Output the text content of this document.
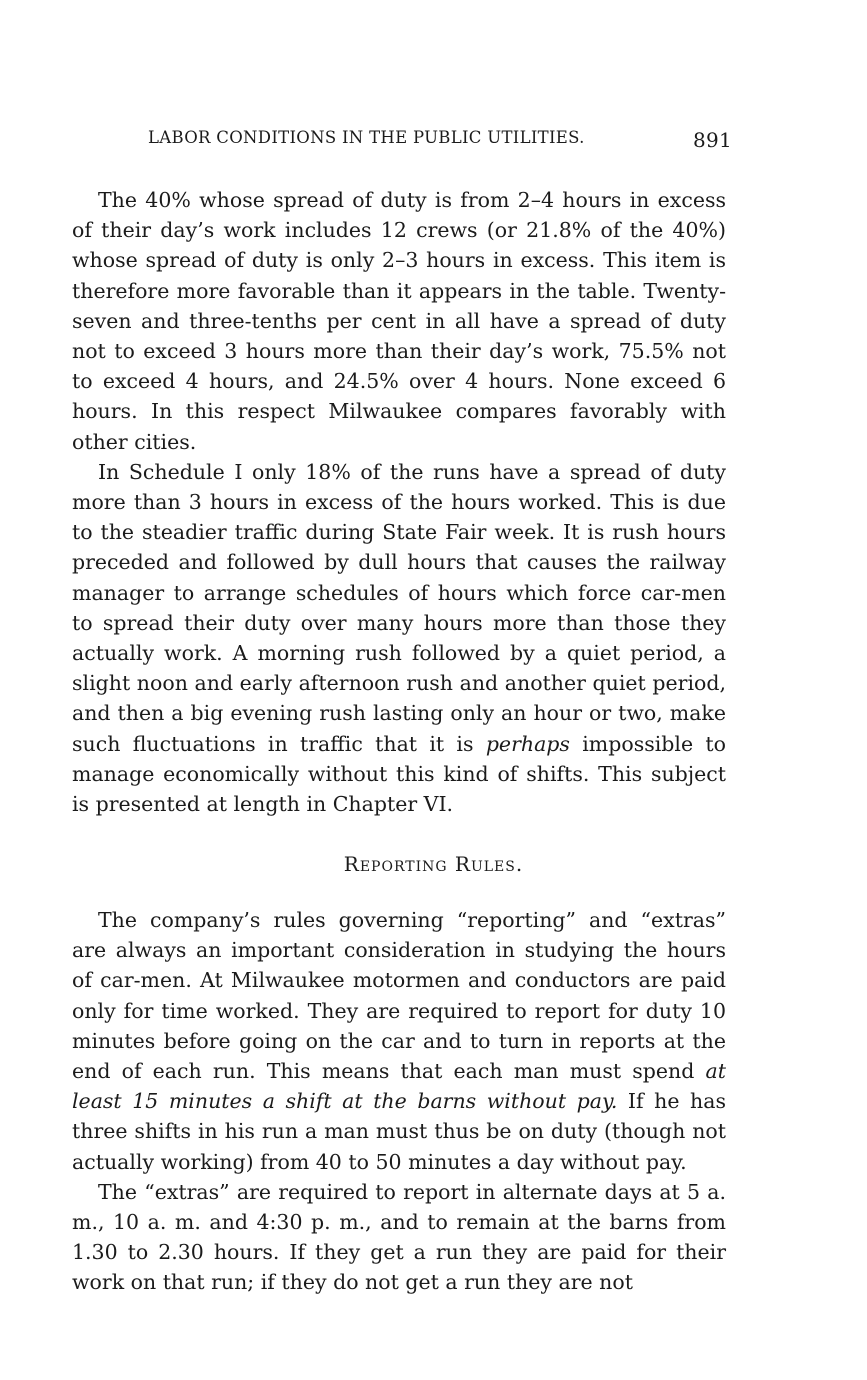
LABOR CONDITIONS IN THE PUBLIC UTILITIES.	891

The 40% whose spread of duty is from 2–4 hours in excess of their day’s work includes 12 crews (or 21.8% of the 40%) whose spread of duty is only 2–3 hours in excess. This item is therefore more favorable than it appears in the table. Twenty-seven and three-tenths per cent in all have a spread of duty not to exceed 3 hours more than their day’s work, 75.5% not to exceed 4 hours, and 24.5% over 4 hours. None exceed 6 hours. In this respect Milwaukee compares favorably with other cities.

In Schedule I only 18% of the runs have a spread of duty more than 3 hours in excess of the hours worked. This is due to the steadier traffic during State Fair week. It is rush hours preceded and followed by dull hours that causes the railway manager to arrange schedules of hours which force car-men to spread their duty over many hours more than those they actually work. A morning rush followed by a quiet period, a slight noon and early afternoon rush and another quiet period, and then a big evening rush lasting only an hour or two, make such fluctuations in traffic that it is perhaps impossible to manage economically without this kind of shifts. This subject is presented at length in Chapter VI.

Reporting Rules.

The company’s rules governing “reporting” and “extras” are always an important consideration in studying the hours of car-men. At Milwaukee motormen and conductors are paid only for time worked. They are required to report for duty 10 minutes before going on the car and to turn in reports at the end of each run. This means that each man must spend at least 15 minutes a shift at the barns without pay. If he has three shifts in his run a man must thus be on duty (though not actually working) from 40 to 50 minutes a day without pay.

The “extras” are required to report in alternate days at 5 a. m., 10 a. m. and 4:30 p. m., and to remain at the barns from 1.30 to 2.30 hours. If they get a run they are paid for their work on that run; if they do not get a run they are not
